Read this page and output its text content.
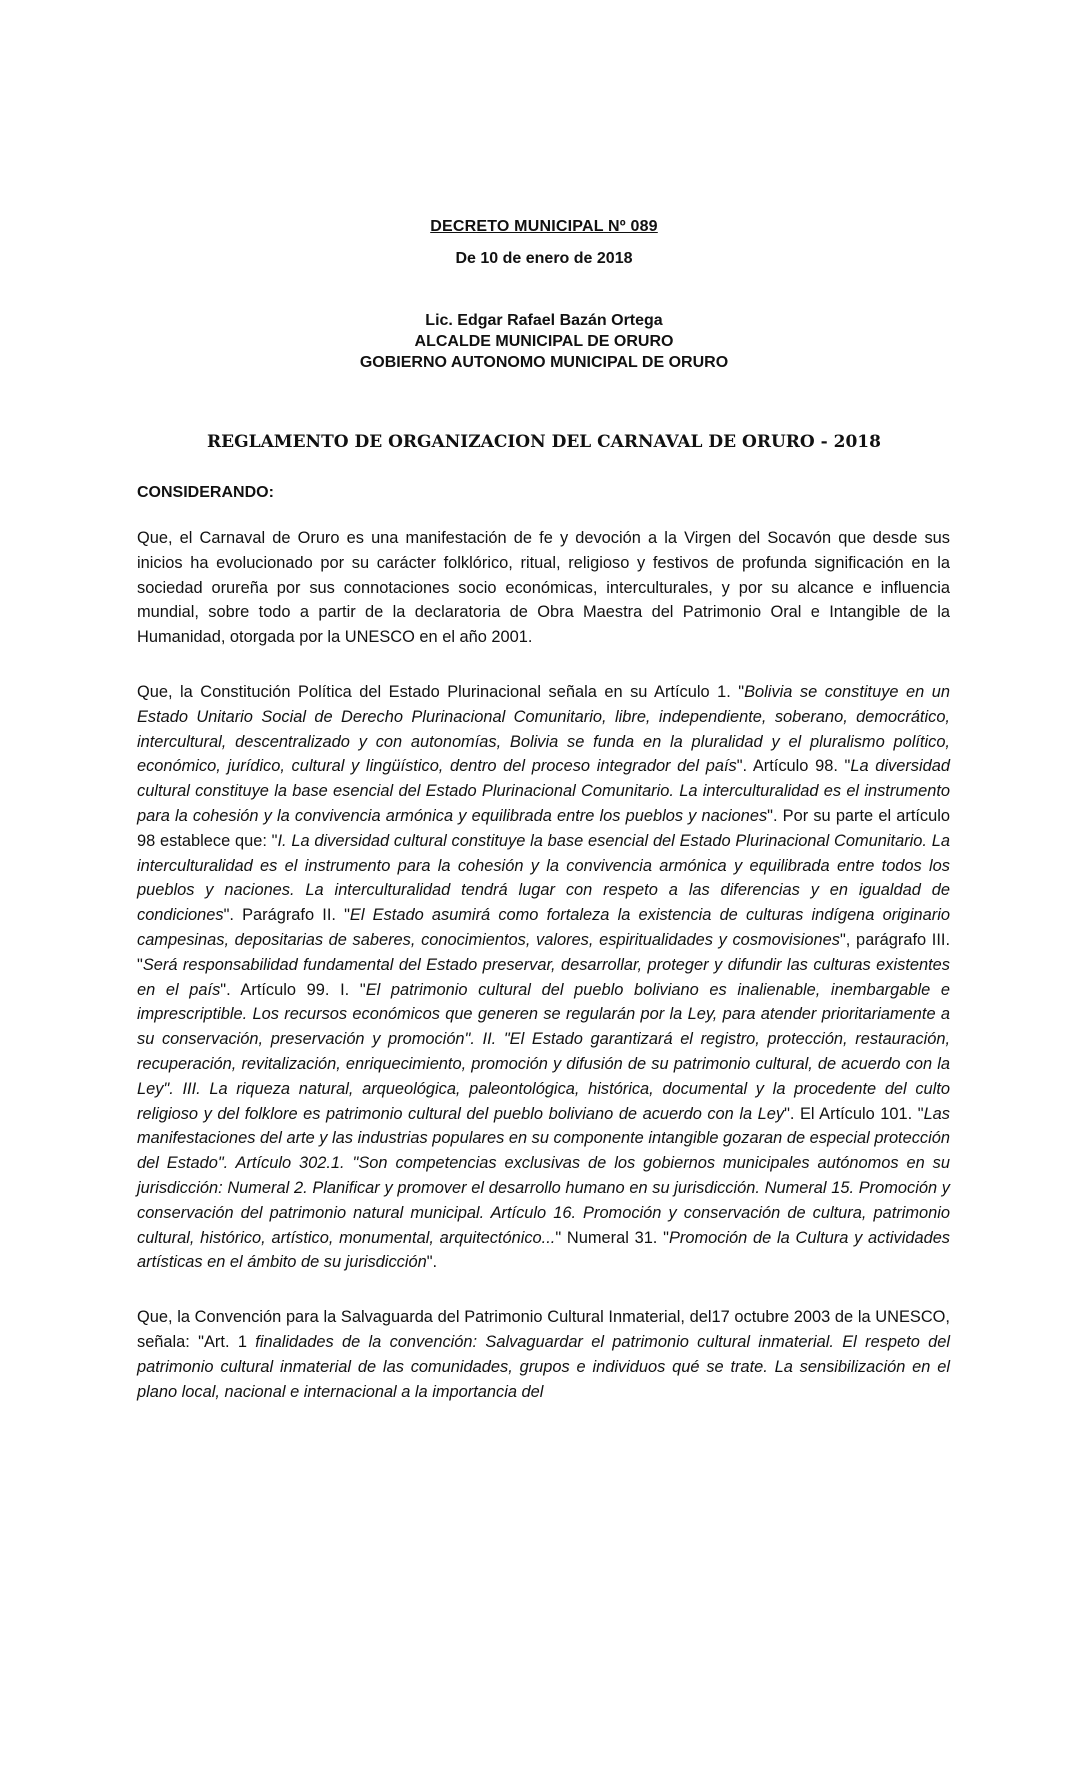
DECRETO MUNICIPAL Nº 089

De 10 de enero de 2018

Lic. Edgar Rafael Bazán Ortega

ALCALDE MUNICIPAL DE ORURO

GOBIERNO AUTONOMO MUNICIPAL DE ORURO

REGLAMENTO DE ORGANIZACION DEL CARNAVAL DE ORURO - 2018

CONSIDERANDO:

Que, el Carnaval de Oruro es una manifestación de fe y devoción a la Virgen del Socavón que desde sus inicios ha evolucionado por su carácter folklórico, ritual, religioso y festivos de profunda significación en la sociedad orureña por sus connotaciones socio económicas, interculturales, y por su alcance e influencia mundial, sobre todo a partir de la declaratoria de Obra Maestra del Patrimonio Oral e Intangible de la Humanidad, otorgada por la UNESCO en el año 2001.

Que, la Constitución Política del Estado Plurinacional señala en su Artículo 1. "Bolivia se constituye en un Estado Unitario Social de Derecho Plurinacional Comunitario, libre, independiente, soberano, democrático, intercultural, descentralizado y con autonomías, Bolivia se funda en la pluralidad y el pluralismo político, económico, jurídico, cultural y lingüístico, dentro del proceso integrador del país". Artículo 98. "La diversidad cultural constituye la base esencial del Estado Plurinacional Comunitario. La interculturalidad es el instrumento para la cohesión y la convivencia armónica y equilibrada entre los pueblos y naciones". Por su parte el artículo 98 establece que: "I. La diversidad cultural constituye la base esencial del Estado Plurinacional Comunitario. La interculturalidad es el instrumento para la cohesión y la convivencia armónica y equilibrada entre todos los pueblos y naciones. La interculturalidad tendrá lugar con respeto a las diferencias y en igualdad de condiciones". Parágrafo II. "El Estado asumirá como fortaleza la existencia de culturas indígena originario campesinas, depositarias de saberes, conocimientos, valores, espiritualidades y cosmovisiones", parágrafo III. "Será responsabilidad fundamental del Estado preservar, desarrollar, proteger y difundir las culturas existentes en el país". Artículo 99. I. "El patrimonio cultural del pueblo boliviano es inalienable, inembargable e imprescriptible. Los recursos económicos que generen se regularán por la Ley, para atender prioritariamente a su conservación, preservación y promoción". II. "El Estado garantizará el registro, protección, restauración, recuperación, revitalización, enriquecimiento, promoción y difusión de su patrimonio cultural, de acuerdo con la Ley". III. La riqueza natural, arqueológica, paleontológica, histórica, documental y la procedente del culto religioso y del folklore es patrimonio cultural del pueblo boliviano de acuerdo con la Ley". El Artículo 101. "Las manifestaciones del arte y las industrias populares en su componente intangible gozaran de especial protección del Estado". Artículo 302.1. "Son competencias exclusivas de los gobiernos municipales autónomos en su jurisdicción: Numeral 2. Planificar y promover el desarrollo humano en su jurisdicción. Numeral 15. Promoción y conservación del patrimonio natural municipal. Artículo 16. Promoción y conservación de cultura, patrimonio cultural, histórico, artístico, monumental, arquitectónico..." Numeral 31. "Promoción de la Cultura y actividades artísticas en el ámbito de su jurisdicción".

Que, la Convención para la Salvaguarda del Patrimonio Cultural Inmaterial, del17 octubre 2003 de la UNESCO, señala: "Art. 1 finalidades de la convención: Salvaguardar el patrimonio cultural inmaterial. El respeto del patrimonio cultural inmaterial de las comunidades, grupos e individuos qué se trate. La sensibilización en el plano local, nacional e internacional a la importancia del
